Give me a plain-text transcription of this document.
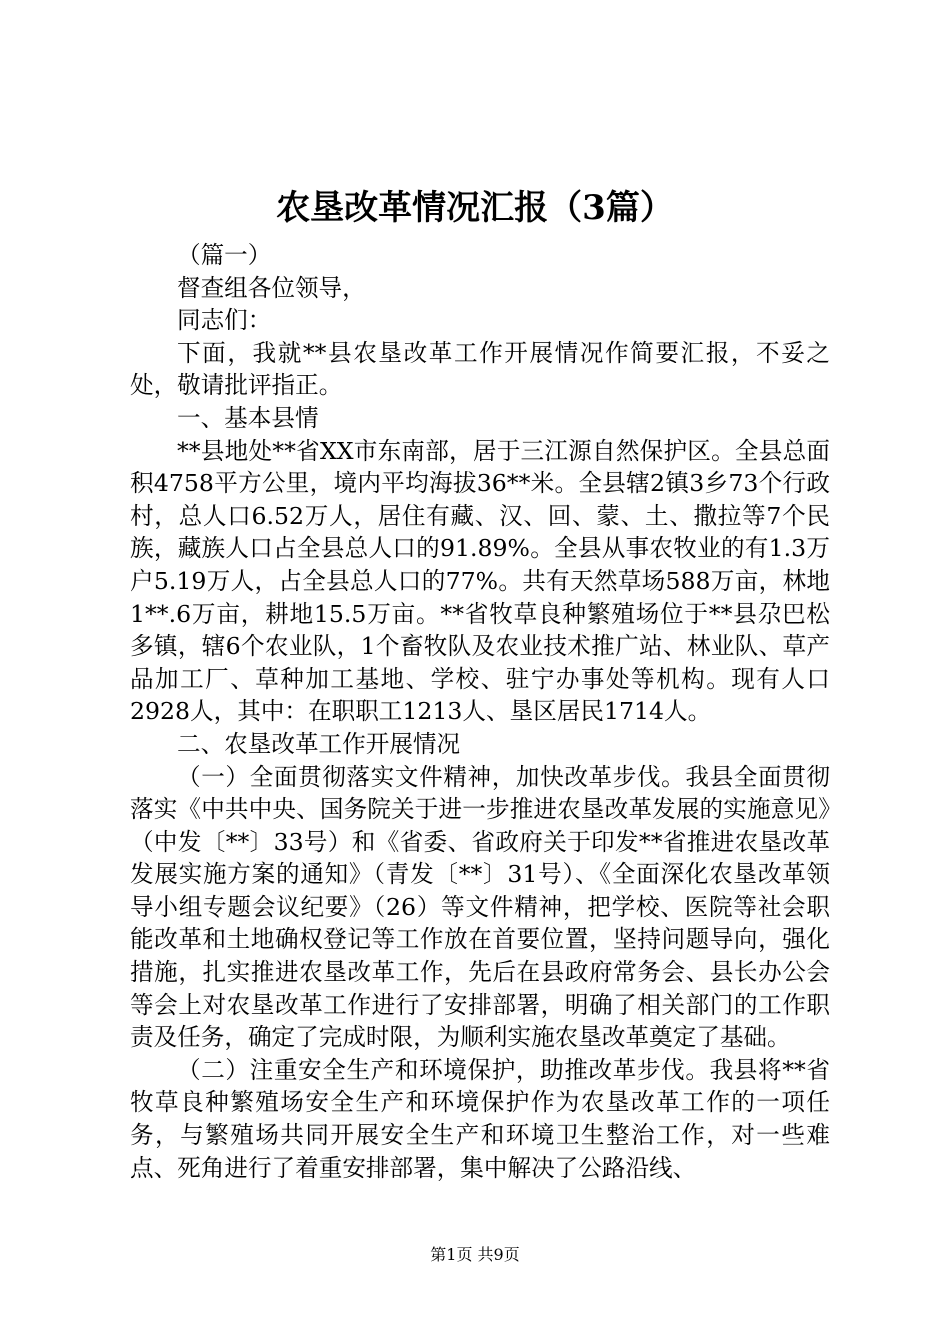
农垦改革情况汇报（3篇）

（篇一）

督查组各位领导，

同志们：

下面，我就**县农垦改革工作开展情况作简要汇报，不妥之处，敬请批评指正。

一、基本县情

**县地处**省XX市东南部，居于三江源自然保护区。全县总面积4758平方公里，境内平均海拔36**米。全县辖2镇3乡73个行政村，总人口6.52万人，居住有藏、汉、回、蒙、土、撒拉等7个民族，藏族人口占全县总人口的91.89%。全县从事农牧业的有1.3万户5.19万人，占全县总人口的77%。共有天然草场588万亩，林地1**.6万亩，耕地15.5万亩。**省牧草良种繁殖场位于**县尕巴松多镇，辖6个农业队，1个畜牧队及农业技术推广站、林业队、草产品加工厂、草种加工基地、学校、驻宁办事处等机构。现有人口2928人，其中：在职职工1213人、垦区居民1714人。

二、农垦改革工作开展情况

（一）全面贯彻落实文件精神，加快改革步伐。我县全面贯彻落实《中共中央、国务院关于进一步推进农垦改革发展的实施意见》（中发〔**〕33号）和《省委、省政府关于印发**省推进农垦改革发展实施方案的通知》（青发〔**〕31号）、《全面深化农垦改革领导小组专题会议纪要》（26）等文件精神，把学校、医院等社会职能改革和土地确权登记等工作放在首要位置，坚持问题导向，强化措施，扎实推进农垦改革工作，先后在县政府常务会、县长办公会等会上对农垦改革工作进行了安排部署，明确了相关部门的工作职责及任务，确定了完成时限，为顺利实施农垦改革奠定了基础。

（二）注重安全生产和环境保护，助推改革步伐。我县将**省牧草良种繁殖场安全生产和环境保护作为农垦改革工作的一项任务，与繁殖场共同开展安全生产和环境卫生整治工作，对一些难点、死角进行了着重安排部署，集中解决了公路沿线、

第1页 共9页
